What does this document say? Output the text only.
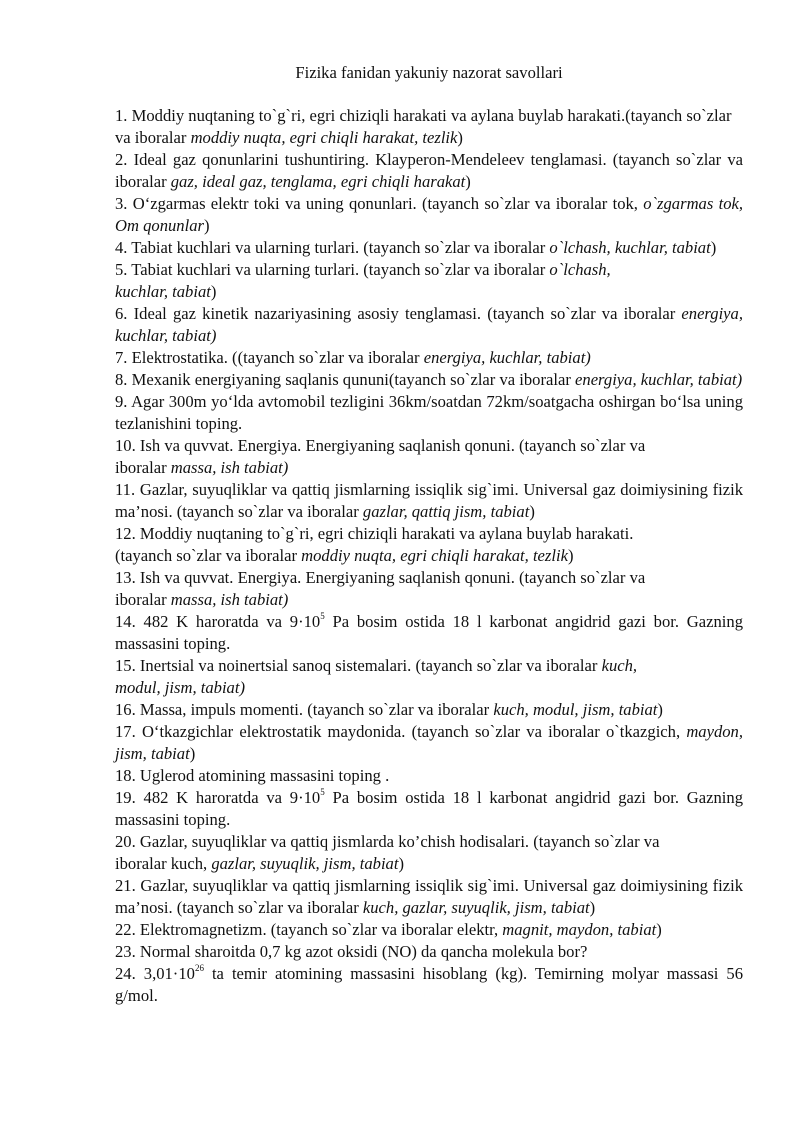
Fizika fanidan yakuniy nazorat savollari
1. Moddiy nuqtaning to`g`ri, egri chiziqli harakati va aylana buylab harakati.(tayanch so`zlar va iboralar moddiy nuqta, egri chiqli harakat, tezlik)
2. Ideal gaz qonunlarini tushuntiring. Klayperon-Mendeleev tenglamasi. (tayanch so`zlar va iboralar gaz, ideal gaz, tenglama, egri chiqli harakat)
3. O‘zgarmas elektr toki va uning qonunlari. (tayanch so`zlar va iboralar tok, o`zgarmas tok, Om qonunlar)
4. Tabiat kuchlari va ularning turlari. (tayanch so`zlar va iboralar o`lchash, kuchlar, tabiat)
5. Tabiat kuchlari va ularning turlari. (tayanch so`zlar va iboralar o`lchash,
kuchlar, tabiat)
6. Ideal gaz kinetik nazariyasining asosiy tenglamasi. (tayanch so`zlar va iboralar energiya, kuchlar, tabiat)
7. Elektrostatika. ((tayanch so`zlar va iboralar energiya, kuchlar, tabiat)
8. Mexanik energiyaning saqlanis qununi(tayanch so`zlar va iboralar energiya, kuchlar, tabiat)
9. Agar 300m yo‘lda avtomobil tezligini 36km/soatdan 72km/soatgacha oshirgan bo‘lsa uning tezlanishini toping.
10. Ish va quvvat. Energiya. Energiyaning saqlanish qonuni. (tayanch so`zlar va
iboralar massa, ish tabiat)
11. Gazlar, suyuqliklar va qattiq jismlarning issiqlik sig`imi. Universal gaz doimiysining fizik ma’nosi. (tayanch so`zlar va iboralar gazlar, qattiq jism, tabiat)
12. Moddiy nuqtaning to`g`ri, egri chiziqli harakati va aylana buylab harakati.
(tayanch so`zlar va iboralar moddiy nuqta, egri chiqli harakat, tezlik)
13. Ish va quvvat. Energiya. Energiyaning saqlanish qonuni. (tayanch so`zlar va
iboralar massa, ish tabiat)
14. 482 K haroratda va $9\cdot 10^5$ Pa bosim ostida 18 l karbonat angidrid gazi bor. Gazning massasini toping.
15. Inertsial va noinertsial sanoq sistemalari. (tayanch so`zlar va iboralar kuch,
modul, jism, tabiat)
16. Massa, impuls momenti. (tayanch so`zlar va iboralar kuch, modul, jism, tabiat)
17. O‘tkazgichlar elektrostatik maydonida. (tayanch so`zlar va iboralar o`tkazgich, maydon, jism, tabiat)
18. Uglerod atomining massasini toping .
19. 482 K haroratda va $9\cdot 10^5$ Pa bosim ostida 18 l karbonat angidrid gazi bor. Gazning massasini toping.
20. Gazlar, suyuqliklar va qattiq jismlarda ko’chish hodisalari. (tayanch so`zlar va
iboralar kuch, gazlar, suyuqlik, jism, tabiat)
21. Gazlar, suyuqliklar va qattiq jismlarning issiqlik sig`imi. Universal gaz doimiysining fizik ma’nosi. (tayanch so`zlar va iboralar kuch, gazlar, suyuqlik, jism, tabiat)
22. Elektromagnetizm. (tayanch so`zlar va iboralar elektr, magnit, maydon, tabiat)
23. Normal sharoitda 0,7 kg azot oksidi (NO) da qancha molekula bor?
24. $3,01\cdot 10^{26}$ ta temir atomining massasini hisoblang (kg). Temirning molyar massasi 56 g/mol.
